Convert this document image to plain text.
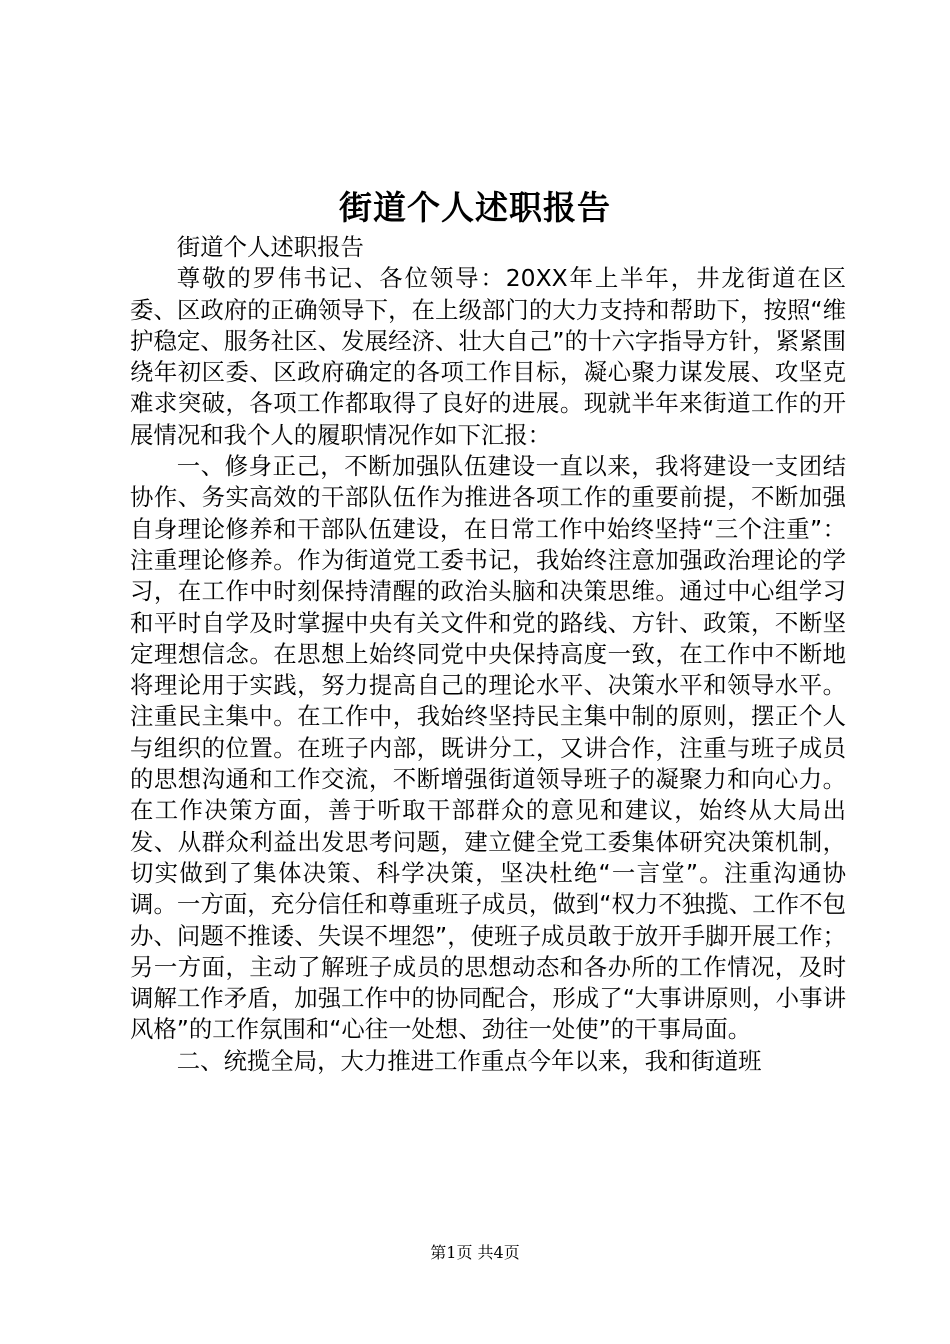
街道个人述职报告

街道个人述职报告

尊敬的罗伟书记、各位领导：20XX年上半年，井龙街道在区委、区政府的正确领导下，在上级部门的大力支持和帮助下，按照“维护稳定、服务社区、发展经济、壮大自己”的十六字指导方针，紧紧围绕年初区委、区政府确定的各项工作目标，凝心聚力谋发展、攻坚克难求突破，各项工作都取得了良好的进展。现就半年来街道工作的开展情况和我个人的履职情况作如下汇报：

一、修身正己，不断加强队伍建设一直以来，我将建设一支团结协作、务实高效的干部队伍作为推进各项工作的重要前提，不断加强自身理论修养和干部队伍建设，在日常工作中始终坚持“三个注重”：注重理论修养。作为街道党工委书记，我始终注意加强政治理论的学习，在工作中时刻保持清醒的政治头脑和决策思维。通过中心组学习和平时自学及时掌握中央有关文件和党的路线、方针、政策，不断坚定理想信念。在思想上始终同党中央保持高度一致，在工作中不断地将理论用于实践，努力提高自己的理论水平、决策水平和领导水平。注重民主集中。在工作中，我始终坚持民主集中制的原则，摆正个人与组织的位置。在班子内部，既讲分工，又讲合作，注重与班子成员的思想沟通和工作交流，不断增强街道领导班子的凝聚力和向心力。在工作决策方面，善于听取干部群众的意见和建议，始终从大局出发、从群众利益出发思考问题，建立健全党工委集体研究决策机制，切实做到了集体决策、科学决策，坚决杜绝“一言堂”。注重沟通协调。一方面，充分信任和尊重班子成员，做到“权力不独揽、工作不包办、问题不推诿、失误不埋怨”，使班子成员敢于放开手脚开展工作；另一方面，主动了解班子成员的思想动态和各办所的工作情况，及时调解工作矛盾，加强工作中的协同配合，形成了“大事讲原则，小事讲风格”的工作氛围和“心往一处想、劲往一处使”的干事局面。

二、统揽全局，大力推进工作重点今年以来，我和街道班

第1页 共4页
